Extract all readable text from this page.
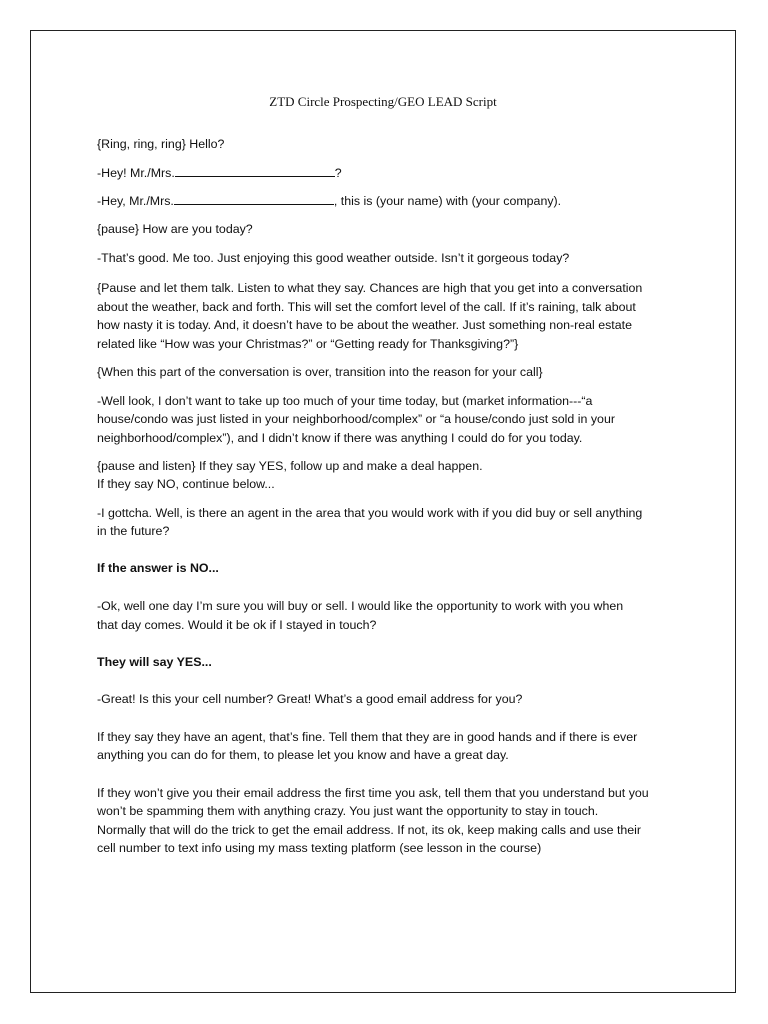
ZTD Circle Prospecting/GEO LEAD Script
{Ring, ring, ring} Hello?
-Hey! Mr./Mrs.	?
-Hey, Mr./Mrs.	, this is (your name) with (your company).
{pause} How are you today?
-That’s good. Me too. Just enjoying this good weather outside. Isn’t it gorgeous today?
{Pause and let them talk. Listen to what they say. Chances are high that you get into a conversation
about the weather, back and forth. This will set the comfort level of the call. If it’s raining, talk about
how nasty it is today. And, it doesn’t have to be about the weather. Just something non-real estate
related like “How was your Christmas?” or “Getting ready for Thanksgiving?”}
{When this part of the conversation is over, transition into the reason for your call}
-Well look, I don’t want to take up too much of your time today, but (market information---“a
house/condo was just listed in your neighborhood/complex” or “a house/condo just sold in your
neighborhood/complex”), and I didn’t know if there was anything I could do for you today.
{pause and listen} If they say YES, follow up and make a deal happen.
If they say NO, continue below...
-I gottcha. Well, is there an agent in the area that you would work with if you did buy or sell anything
in the future?
If the answer is NO...
-Ok, well one day I’m sure you will buy or sell. I would like the opportunity to work with you when
that day comes. Would it be ok if I stayed in touch?
They will say YES...
-Great! Is this your cell number? Great! What’s a good email address for you?
If they say they have an agent, that’s fine. Tell them that they are in good hands and if there is ever
anything you can do for them, to please let you know and have a great day.
If they won’t give you their email address the first time you ask, tell them that you understand but you
won’t be spamming them with anything crazy. You just want the opportunity to stay in touch.
Normally that will do the trick to get the email address. If not, its ok, keep making calls and use their
cell number to text info using my mass texting platform (see lesson in the course)
